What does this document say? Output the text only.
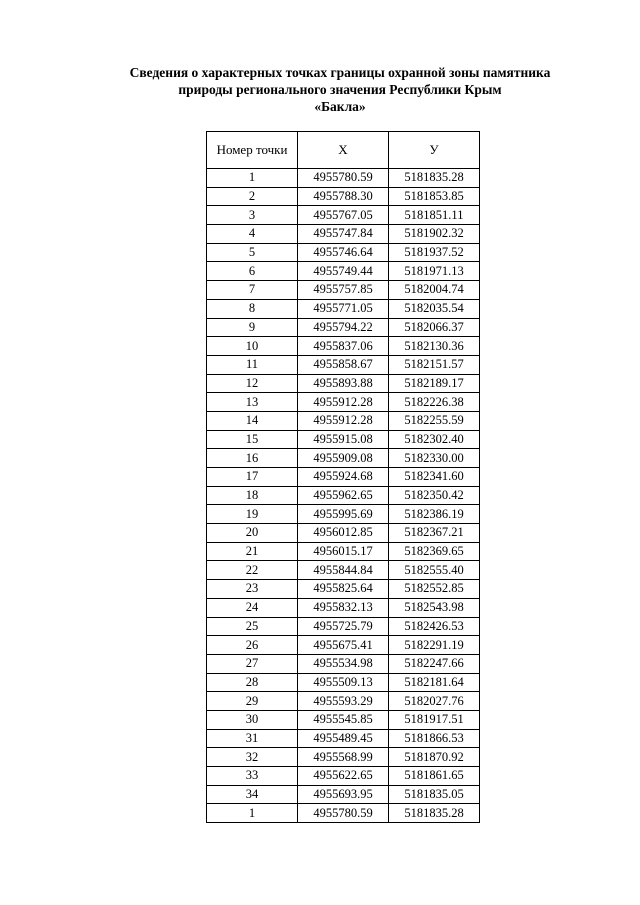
Сведения о характерных точках границы охранной зоны памятника
природы регионального значения Республики Крым
«Бакла»
Номер точки	X	У
1	4955780.59	5181835.28
2	4955788.30	5181853.85
3	4955767.05	5181851.11
4	4955747.84	5181902.32
5	4955746.64	5181937.52
6	4955749.44	5181971.13
7	4955757.85	5182004.74
8	4955771.05	5182035.54
9	4955794.22	5182066.37
10	4955837.06	5182130.36
11	4955858.67	5182151.57
12	4955893.88	5182189.17
13	4955912.28	5182226.38
14	4955912.28	5182255.59
15	4955915.08	5182302.40
16	4955909.08	5182330.00
17	4955924.68	5182341.60
18	4955962.65	5182350.42
19	4955995.69	5182386.19
20	4956012.85	5182367.21
21	4956015.17	5182369.65
22	4955844.84	5182555.40
23	4955825.64	5182552.85
24	4955832.13	5182543.98
25	4955725.79	5182426.53
26	4955675.41	5182291.19
27	4955534.98	5182247.66
28	4955509.13	5182181.64
29	4955593.29	5182027.76
30	4955545.85	5181917.51
31	4955489.45	5181866.53
32	4955568.99	5181870.92
33	4955622.65	5181861.65
34	4955693.95	5181835.05
1	4955780.59	5181835.28
